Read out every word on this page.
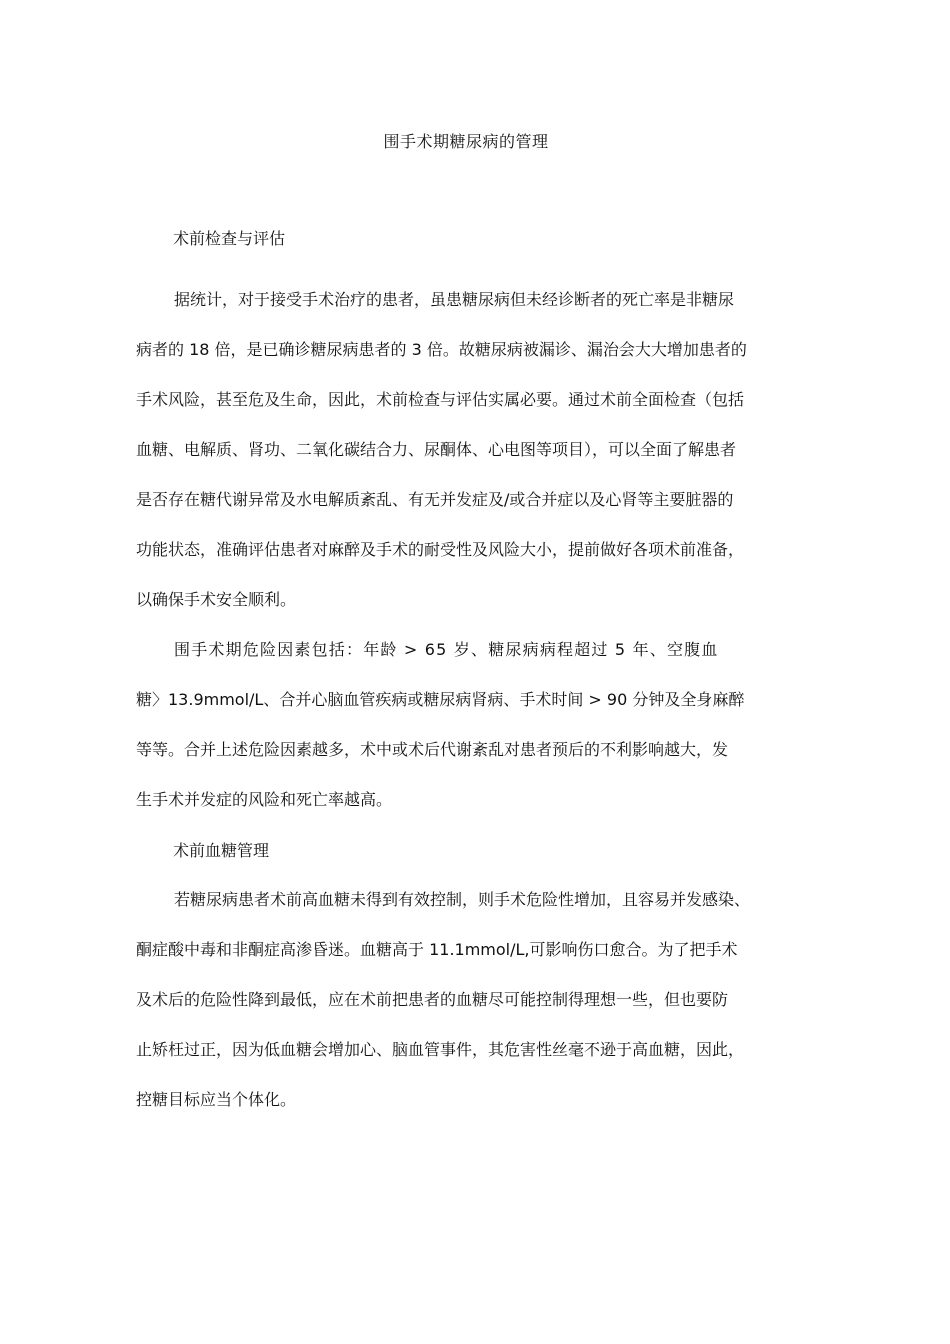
围手术期糖尿病的管理
术前检查与评估
据统计，对于接受手术治疗的患者，虽患糖尿病但未经诊断者的死亡率是非糖尿
病者的 18 倍，是已确诊糖尿病患者的 3 倍。故糖尿病被漏诊、漏治会大大增加患者的
手术风险，甚至危及生命，因此，术前检查与评估实属必要。通过术前全面检查（包括
血糖、电解质、肾功、二氧化碳结合力、尿酮体、心电图等项目），可以全面了解患者
是否存在糖代谢异常及水电解质紊乱、有无并发症及/或合并症以及心肾等主要脏器的
功能状态，准确评估患者对麻醉及手术的耐受性及风险大小，提前做好各项术前准备，
以确保手术安全顺利。
围手术期危险因素包括：年龄 > 65 岁、糖尿病病程超过 5 年、空腹血
糖〉13.9mmol/L、合并心脑血管疾病或糖尿病肾病、手术时间 > 90 分钟及全身麻醉
等等。合并上述危险因素越多，术中或术后代谢紊乱对患者预后的不利影响越大，发
生手术并发症的风险和死亡率越高。
术前血糖管理
若糖尿病患者术前高血糖未得到有效控制，则手术危险性增加，且容易并发感染、
酮症酸中毒和非酮症高渗昏迷。血糖高于 11.1mmol/L,可影响伤口愈合。为了把手术
及术后的危险性降到最低，应在术前把患者的血糖尽可能控制得理想一些，但也要防
止矫枉过正，因为低血糖会增加心、脑血管事件，其危害性丝毫不逊于高血糖，因此，
控糖目标应当个体化。
